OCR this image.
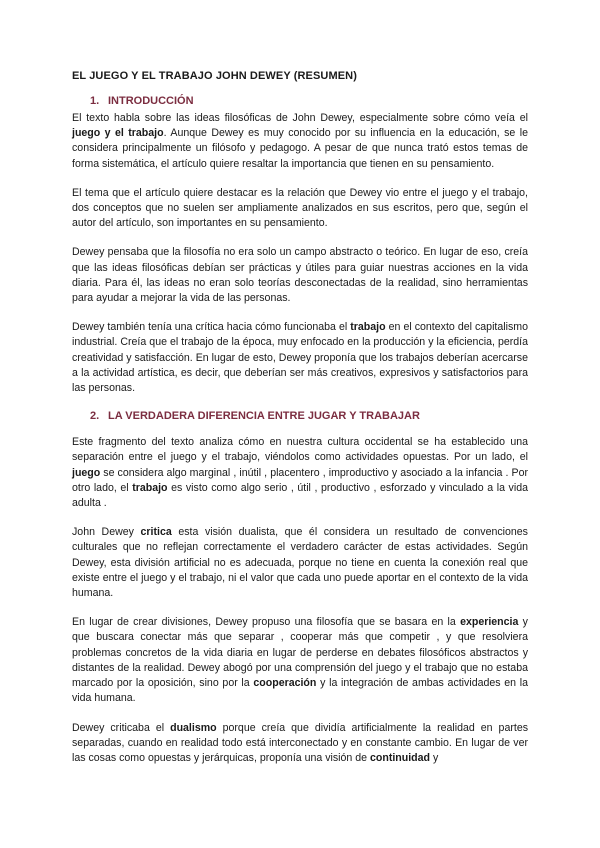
EL JUEGO Y EL TRABAJO JOHN DEWEY (RESUMEN)
1. INTRODUCCIÓN

El texto habla sobre las ideas filosóficas de John Dewey, especialmente sobre cómo veía el juego y el trabajo. Aunque Dewey es muy conocido por su influencia en la educación, se le considera principalmente un filósofo y pedagogo. A pesar de que nunca trató estos temas de forma sistemática, el artículo quiere resaltar la importancia que tienen en su pensamiento.

El tema que el artículo quiere destacar es la relación que Dewey vio entre el juego y el trabajo, dos conceptos que no suelen ser ampliamente analizados en sus escritos, pero que, según el autor del artículo, son importantes en su pensamiento.

Dewey pensaba que la filosofía no era solo un campo abstracto o teórico. En lugar de eso, creía que las ideas filosóficas debían ser prácticas y útiles para guiar nuestras acciones en la vida diaria. Para él, las ideas no eran solo teorías desconectadas de la realidad, sino herramientas para ayudar a mejorar la vida de las personas.

Dewey también tenía una crítica hacia cómo funcionaba el trabajo en el contexto del capitalismo industrial. Creía que el trabajo de la época, muy enfocado en la producción y la eficiencia, perdía creatividad y satisfacción. En lugar de esto, Dewey proponía que los trabajos deberían acercarse a la actividad artística, es decir, que deberían ser más creativos, expresivos y satisfactorios para las personas.

2. LA VERDADERA DIFERENCIA ENTRE JUGAR Y TRABAJAR

Este fragmento del texto analiza cómo en nuestra cultura occidental se ha establecido una separación entre el juego y el trabajo, viéndolos como actividades opuestas. Por un lado, el juego se considera algo marginal , inútil , placentero , improductivo y asociado a la infancia . Por otro lado, el trabajo es visto como algo serio , útil , productivo , esforzado y vinculado a la vida adulta .

John Dewey critica esta visión dualista, que él considera un resultado de convenciones culturales que no reflejan correctamente el verdadero carácter de estas actividades. Según Dewey, esta división artificial no es adecuada, porque no tiene en cuenta la conexión real que existe entre el juego y el trabajo, ni el valor que cada uno puede aportar en el contexto de la vida humana.

En lugar de crear divisiones, Dewey propuso una filosofía que se basara en la experiencia y que buscara conectar más que separar , cooperar más que competir , y que resolviera problemas concretos de la vida diaria en lugar de perderse en debates filosóficos abstractos y distantes de la realidad. Dewey abogó por una comprensión del juego y el trabajo que no estaba marcado por la oposición, sino por la cooperación y la integración de ambas actividades en la vida humana.

Dewey criticaba el dualismo porque creía que dividía artificialmente la realidad en partes separadas, cuando en realidad todo está interconectado y en constante cambio. En lugar de ver las cosas como opuestas y jerárquicas, proponía una visión de continuidad y
